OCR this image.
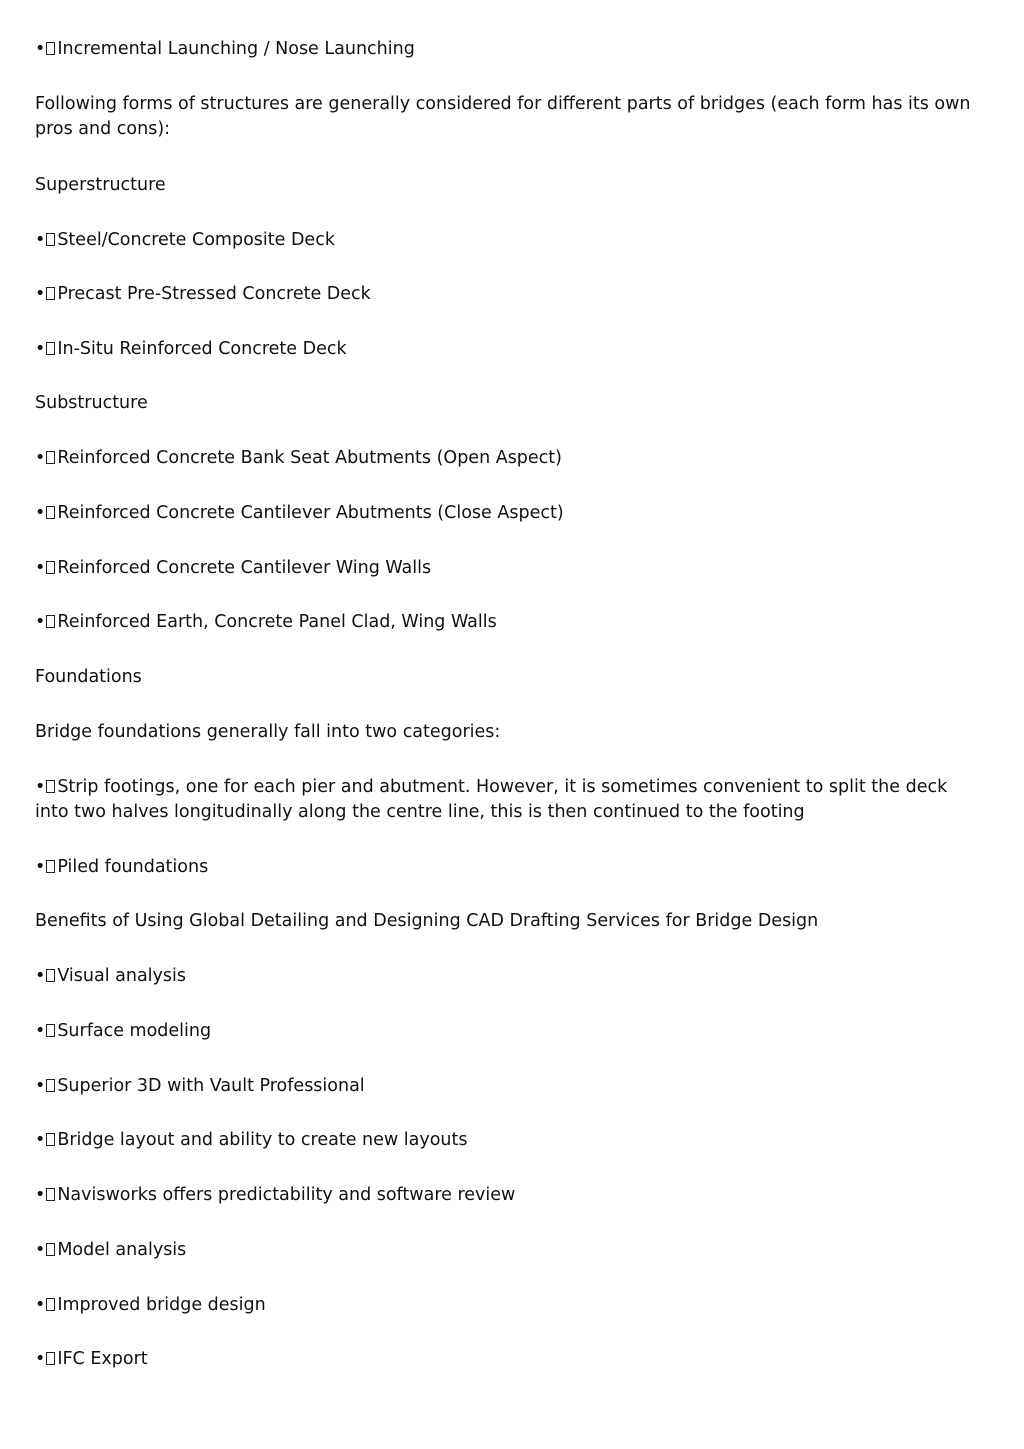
• Incremental Launching / Nose Launching
Following forms of structures are generally considered for different parts of bridges (each form has its own pros and cons):
Superstructure
• Steel/Concrete Composite Deck
• Precast Pre-Stressed Concrete Deck
• In-Situ Reinforced Concrete Deck
Substructure
• Reinforced Concrete Bank Seat Abutments (Open Aspect)
• Reinforced Concrete Cantilever Abutments (Close Aspect)
• Reinforced Concrete Cantilever Wing Walls
• Reinforced Earth, Concrete Panel Clad, Wing Walls
Foundations
Bridge foundations generally fall into two categories:
• Strip footings, one for each pier and abutment. However, it is sometimes convenient to split the deck into two halves longitudinally along the centre line, this is then continued to the footing
• Piled foundations
Benefits of Using Global Detailing and Designing CAD Drafting Services for Bridge Design
• Visual analysis
• Surface modeling
• Superior 3D with Vault Professional
• Bridge layout and ability to create new layouts
• Navisworks offers predictability and software review
• Model analysis
• Improved bridge design
• IFC Export
